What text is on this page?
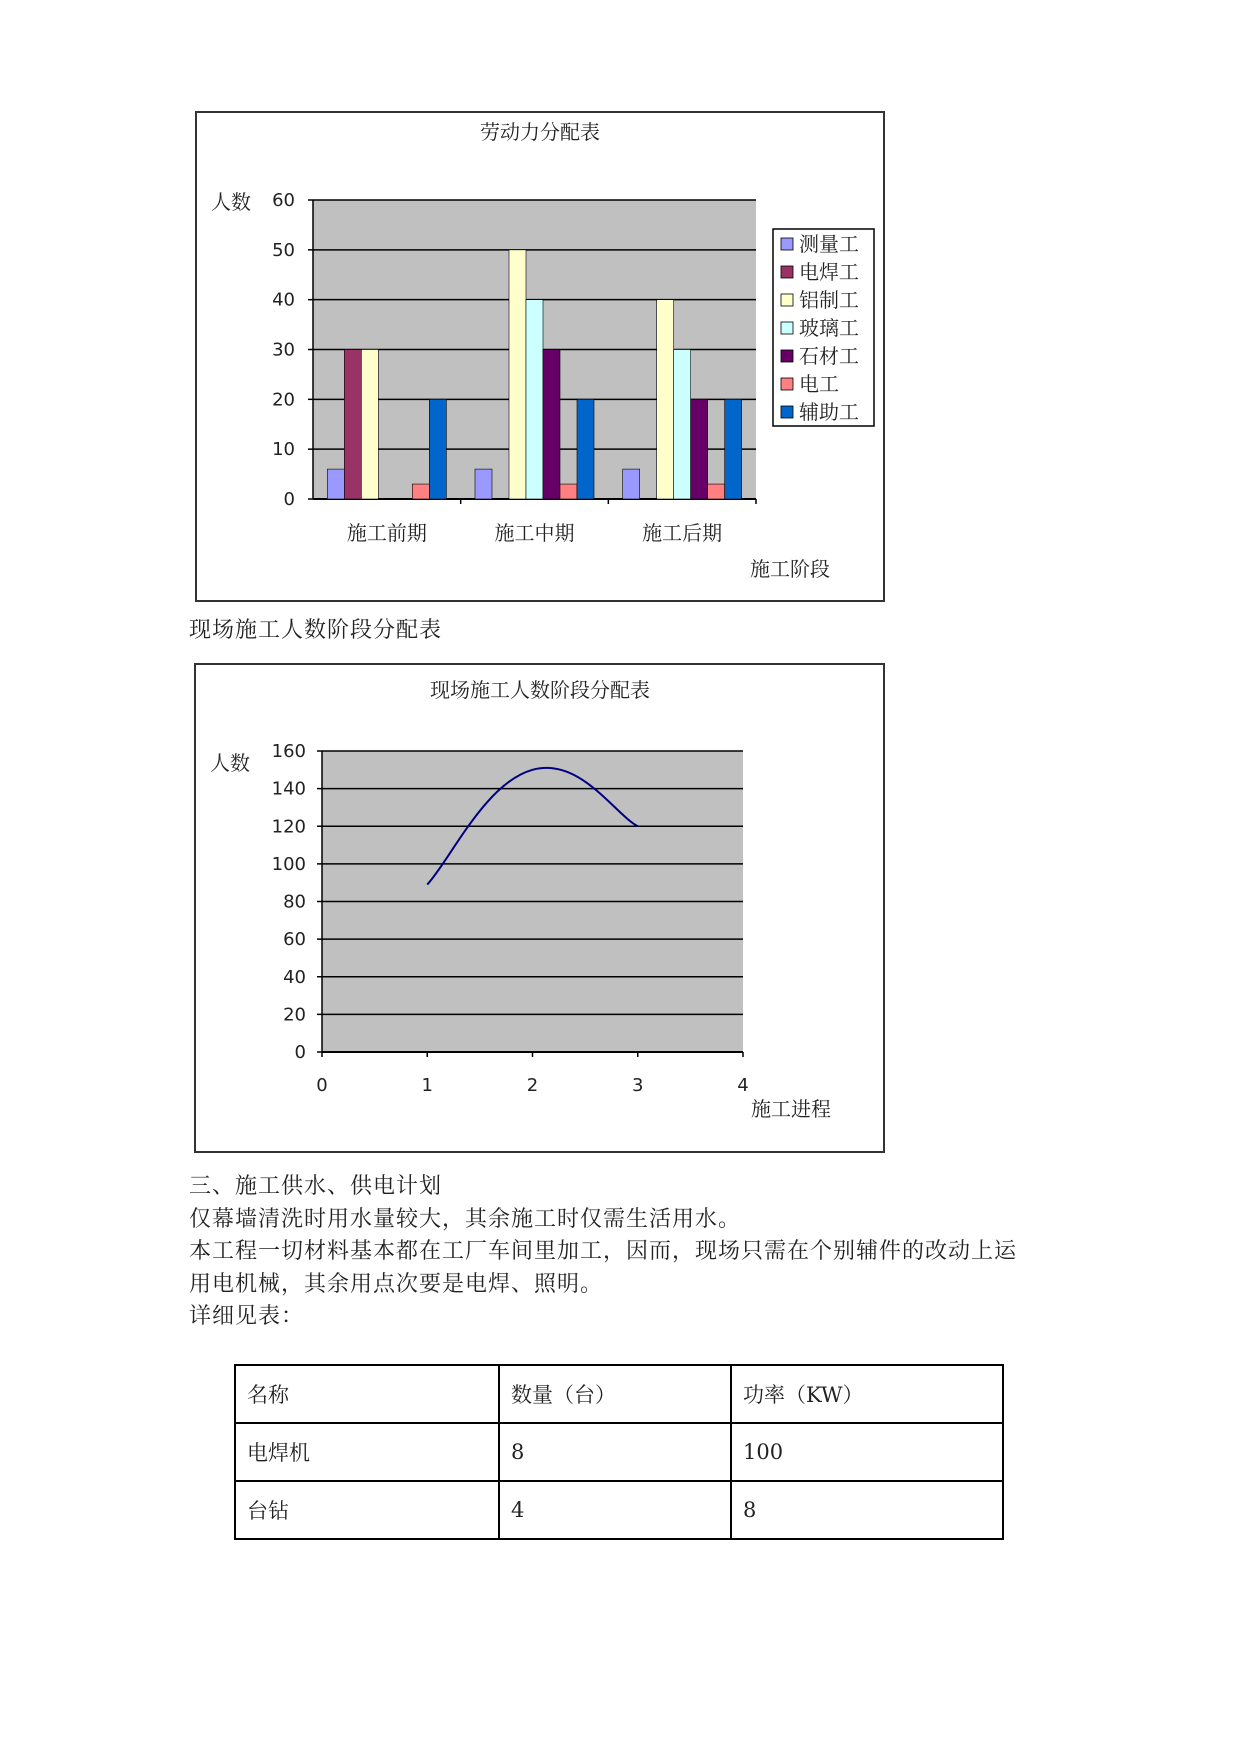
劳动力分配表
0
10
20
30
40
50
60
施工前期	施工中期	施工后期
人数
施工阶段
测量工
电焊工
铝制工
玻璃工
石材工
电工
辅助工
现场施工人数阶段分配表
现场施工人数阶段分配表
0
20
40
60
80
100
120
140
160
0	1	2	3	4
人数
施工进程

三、施工供水、供电计划

仅幕墙清洗时用水量较大，其余施工时仅需生活用水。

本工程一切材料基本都在工厂车间里加工，因而，现场只需在个别辅件的改动上运

用电机械，其余用点次要是电焊、照明。

详细见表：

名称	数量（台）	功率（KW）
电焊机	8	100
台钻	4	8
